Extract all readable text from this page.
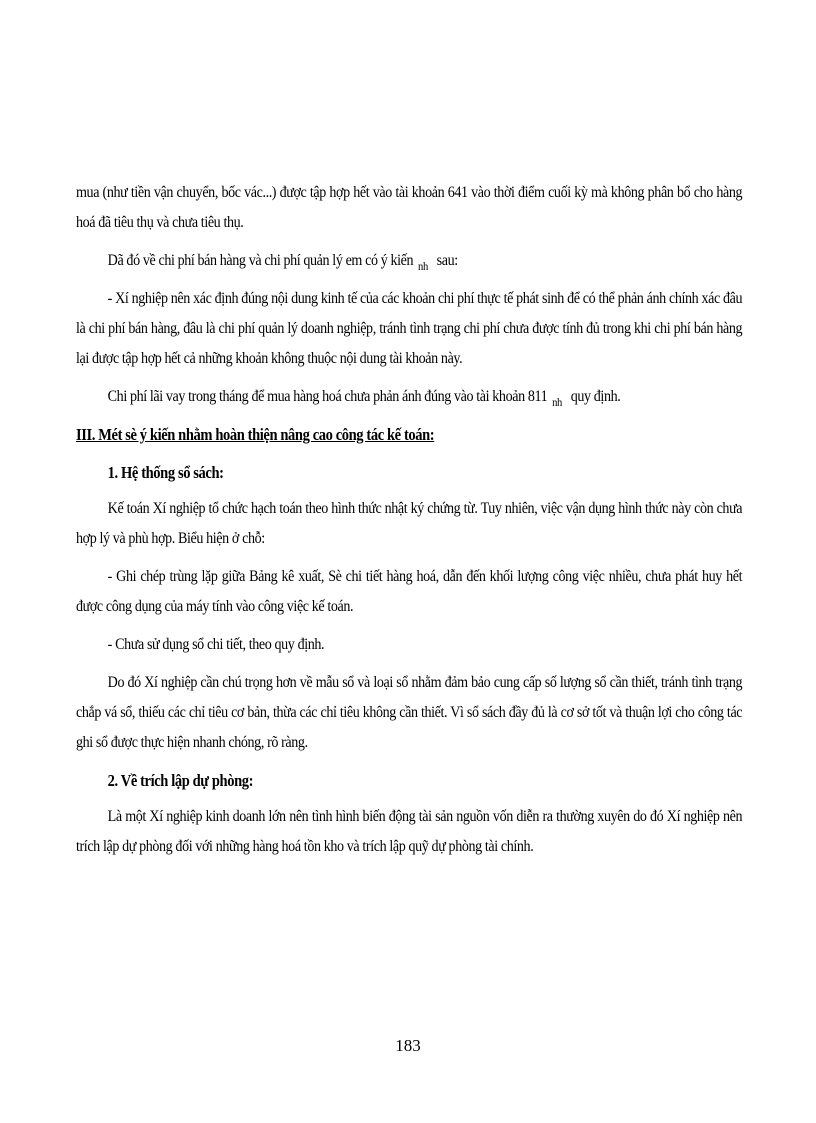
mua (như tiền vận chuyển, bốc vác...) được tập hợp hết vào tài khoản 641 vào thời điểm cuối kỳ mà không phân bổ cho hàng hoá đã tiêu thụ và chưa tiêu thụ.

Dã đó về chi phí bán hàng và chi phí quản lý em có ý kiến $_{nh}$ sau:

- Xí nghiệp nên xác định đúng nội dung kinh tế của các khoản chi phí thực tế phát sinh để có thể phản ánh chính xác đâu là chi phí bán hàng, đâu là chi phí quản lý doanh nghiệp, tránh tình trạng chi phí chưa được tính đủ trong khi chi phí bán hàng lại được tập hợp hết cả những khoản không thuộc nội dung tài khoản này.

Chi phí lãi vay trong tháng để mua hàng hoá chưa phản ánh đúng vào tài khoản 811 $_{nh}$ quy định.

III. Mét sè ý kiến nhằm hoàn thiện nâng cao công tác kế toán:

1. Hệ thống sổ sách:

Kế toán Xí nghiệp tổ chức hạch toán theo hình thức nhật ký chứng từ. Tuy nhiên, việc vận dụng hình thức này còn chưa hợp lý và phù hợp. Biểu hiện ở chỗ:

- Ghi chép trùng lặp giữa Bảng kê xuất, Sè chi tiết hàng hoá, dẫn đến khối lượng công việc nhiều, chưa phát huy hết được công dụng của máy tính vào công việc kế toán.

- Chưa sử dụng sổ chi tiết, theo quy định.

Do đó Xí nghiệp cần chú trọng hơn về mẫu sổ và loại sổ nhằm đảm bảo cung cấp số lượng sổ cần thiết, tránh tình trạng chắp vá sổ, thiếu các chỉ tiêu cơ bản, thừa các chỉ tiêu không cần thiết. Vì sổ sách đầy đủ là cơ sở tốt và thuận lợi cho công tác ghi sổ được thực hiện nhanh chóng, rõ ràng.

2. Về trích lập dự phòng:

Là một Xí nghiệp kinh doanh lớn nên tình hình biến động tài sản nguồn vốn diễn ra thường xuyên do đó Xí nghiệp nên trích lập dự phòng đối với những hàng hoá tồn kho và trích lập quỹ dự phòng tài chính.

183
